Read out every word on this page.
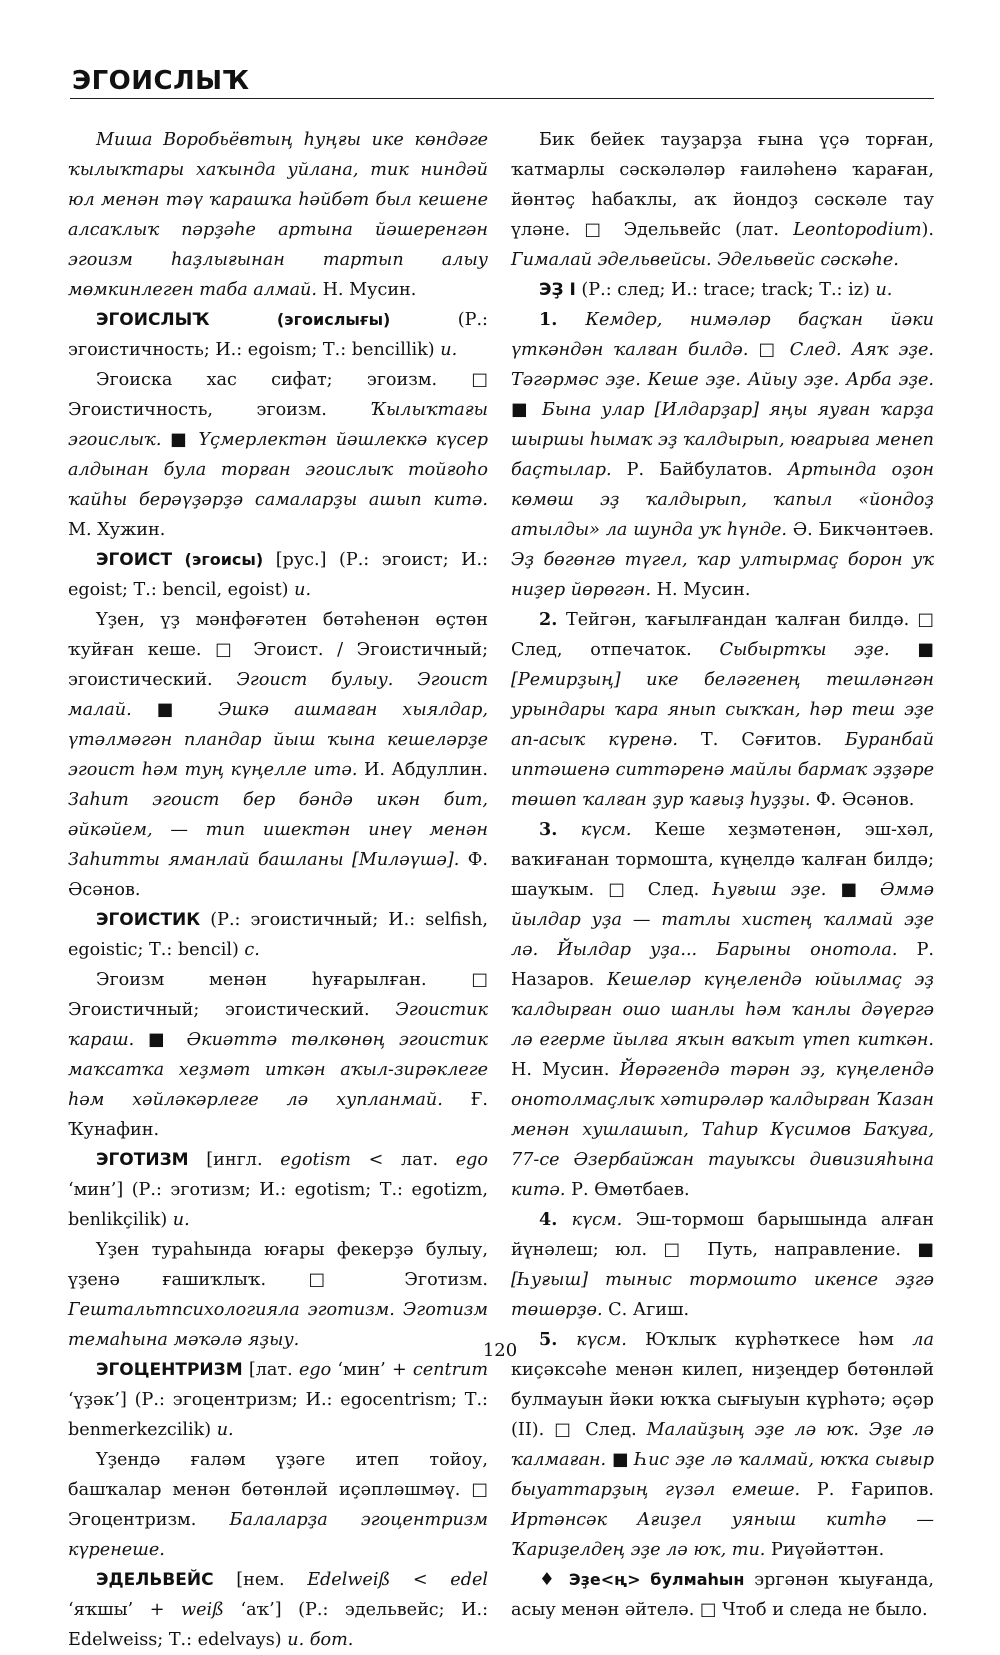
ЭГОИСЛЫҠ

Миша Воробьёвтың һуңғы ике көндәге ҡылыҡтары хаҡында уйлана, тик ниндәй юл менән тәү ҡарашҡа һәйбәт был кешене алсаҡлыҡ пәрҙәһе артына йәшеренгән эгоизм һаҙлығынан тартып алыу мөмкинлеген таба алмай. Н. Мусин.

ЭГОИСЛЫҠ (эгоислығы) (Р.: эгоистичность; И.: egoism; Т.: bencillik) и.

Эгоиска хас сифат; эгоизм. □ Эгоистичность, эгоизм. Ҡылыҡтағы эгоислыҡ. ■ Үҫмерлектән йәшлеккә күсер алдынан була торған эгоислыҡ тойғоһо ҡайһы берәүҙәрҙә самаларҙы ашып китә. М. Хужин.

ЭГОИСТ (эгоисы) [рус.] (Р.: эгоист; И.: egoist; Т.: bencil, egoist) и.

Үҙен, үҙ мәнфәғәтен бөтәһенән өҫтөн ҡуйған кеше. □ Эгоист. / Эгоистичный; эгоистический. Эгоист булыу. Эгоист малай. ■ Эшкә ашмаған хыялдар, үтәлмәгән пландар йыш ҡына кешеләрҙе эгоист һәм туң күңелле итә. И. Абдуллин. Заһит эгоист бер бәндә икән бит, әйкәйем, — тип ишектән инеү менән Заһитты яманлай башланы [Миләүшә]. Ф. Әсәнов.

ЭГОИСТИК (Р.: эгоистичный; И.: selfish, egoistic; Т.: bencil) с.

Эгоизм менән һуғарылған. □ Эгоистичный; эгоистический. Эгоистик ҡараш. ■ Әкиәттә төлкөнөң эгоистик маҡсатҡа хеҙмәт иткән аҡыл-зирәклеге һәм хәйләкәрлеге лә хупланмай. Ғ. Ҡунафин.

ЭГОТИЗМ [ингл. egotism < лат. ego ‘мин’] (Р.: эготизм; И.: egotism; Т.: egotizm, benlikçilik) и.

Үҙен тураһында юғары фекерҙә булыу, үҙенә ғашиҡлыҡ. □ Эготизм. Гештальтпсихологияла эготизм. Эготизм темаһына мәҡәлә яҙыу.

ЭГОЦЕНТРИЗМ [лат. ego ‘мин’ + centrum ‘үҙәк’] (Р.: эгоцентризм; И.: egocentrism; Т.: benmerkezcilik) и.

Үҙендә ғаләм үҙәге итеп тойоу, башҡалар менән бөтөнләй иҫәпләшмәү. □ Эгоцентризм. Балаларҙа эгоцентризм күренеше.

ЭДЕЛЬВЕЙС [нем. Edelweiß < edel ‘яҡшы’ + weiß ‘аҡ’] (Р.: эдельвейс; И.: Edelweiss; Т.: edelvays) и. бот.

Бик бейек тауҙарҙа ғына үҫә торған, ҡатмарлы сәскәләләр ғаиләһенә ҡараған, йөнтәҫ һабаҡлы, аҡ йондоҙ сәскәле тау үләне. □ Эдельвейс (лат. Leontopodium). Гималай эдельвейсы. Эдельвейс сәскәһе.

ЭҘ I (Р.: след; И.: trace; track; Т.: iz) и.

1. Кемдер, нимәләр баҫҡан йәки үткәндән ҡалған билдә. □ След. Аяҡ эҙе. Тәгәрмәс эҙе. Кеше эҙе. Айыу эҙе. Арба эҙе. ■ Бына улар [Илдарҙар] яңы яуған ҡарҙа шыршы һымаҡ эҙ ҡалдырып, юғарыға менеп баҫтылар. Р. Байбулатов. Артында оҙон көмөш эҙ ҡалдырып, ҡапыл «йондоҙ атылды» ла шунда уҡ һүнде. Ә. Бикчәнтәев. Эҙ бөгөнгө түгел, ҡар ултырмаҫ борон уҡ ниҙер йөрөгән. Н. Мусин.

2. Тейгән, ҡағылғандан ҡалған билдә. □ След, отпечаток. Сыбыртҡы эҙе. ■ [Ремирҙың] ике беләгенең тешләнгән урындары ҡара янып сыҡҡан, һәр теш эҙе ап-асыҡ күренә. Т. Сәғитов. Буранбай иптәшенә ситтәренә майлы бармаҡ эҙҙәре төшөп ҡалған ҙур ҡағыҙ һуҙҙы. Ф. Әсәнов.

3. күсм. Кеше хеҙмәтенән, эш-хәл, ваҡиғанан тормошта, күңелдә ҡалған билдә; шауҡым. □ След. Һуғыш эҙе. ■ Әммә йылдар уҙа — татлы хистең ҡалмай эҙе лә. Йылдар уҙа... Барыны онотола. Р. Назаров. Кешеләр күңелендә юйылмаҫ эҙ ҡалдырған ошо шанлы һәм ҡанлы дәүергә лә егерме йылға яҡын ваҡыт үтеп киткән. Н. Мусин. Йөрәгендә тәрән эҙ, күңелендә онотолмаҫлыҡ хәтирәләр ҡалдырған Ҡазан менән хушлашып, Таһир Күсимов Баҡуға, 77-се Әзербайжан тауыҡсы дивизияһына китә. Р. Өмөтбаев.

4. күсм. Эш-тормош барышында алған йүнәлеш; юл. □ Путь, направление. ■ [Һуғыш] тыныс тормошто икенсе эҙгә төшөрҙө. С. Агиш.

5. күсм. Юҡлыҡ күрһәткесе һәм ла киҫәксәһе менән килеп, ниҙеңдер бөтөнләй булмауын йәки юҡҡа сығыуын күрһәтә; әҫәр (II). □ След. Малайҙың эҙе лә юҡ. Эҙе лә ҡалмаған. ■ Һис эҙе лә ҡалмай, юҡҡа сығыр быуаттарҙың гүзәл емеше. Р. Ғарипов. Иртәнсәк Ағиҙел уяныш китһә — Ҡариҙелдең эҙе лә юҡ, ти. Риүәйәттән.

♦ Эҙе<ң> булмаһын эргәнән ҡыуғанда, асыу менән әйтелә. □ Чтоб и следа не было.

120
